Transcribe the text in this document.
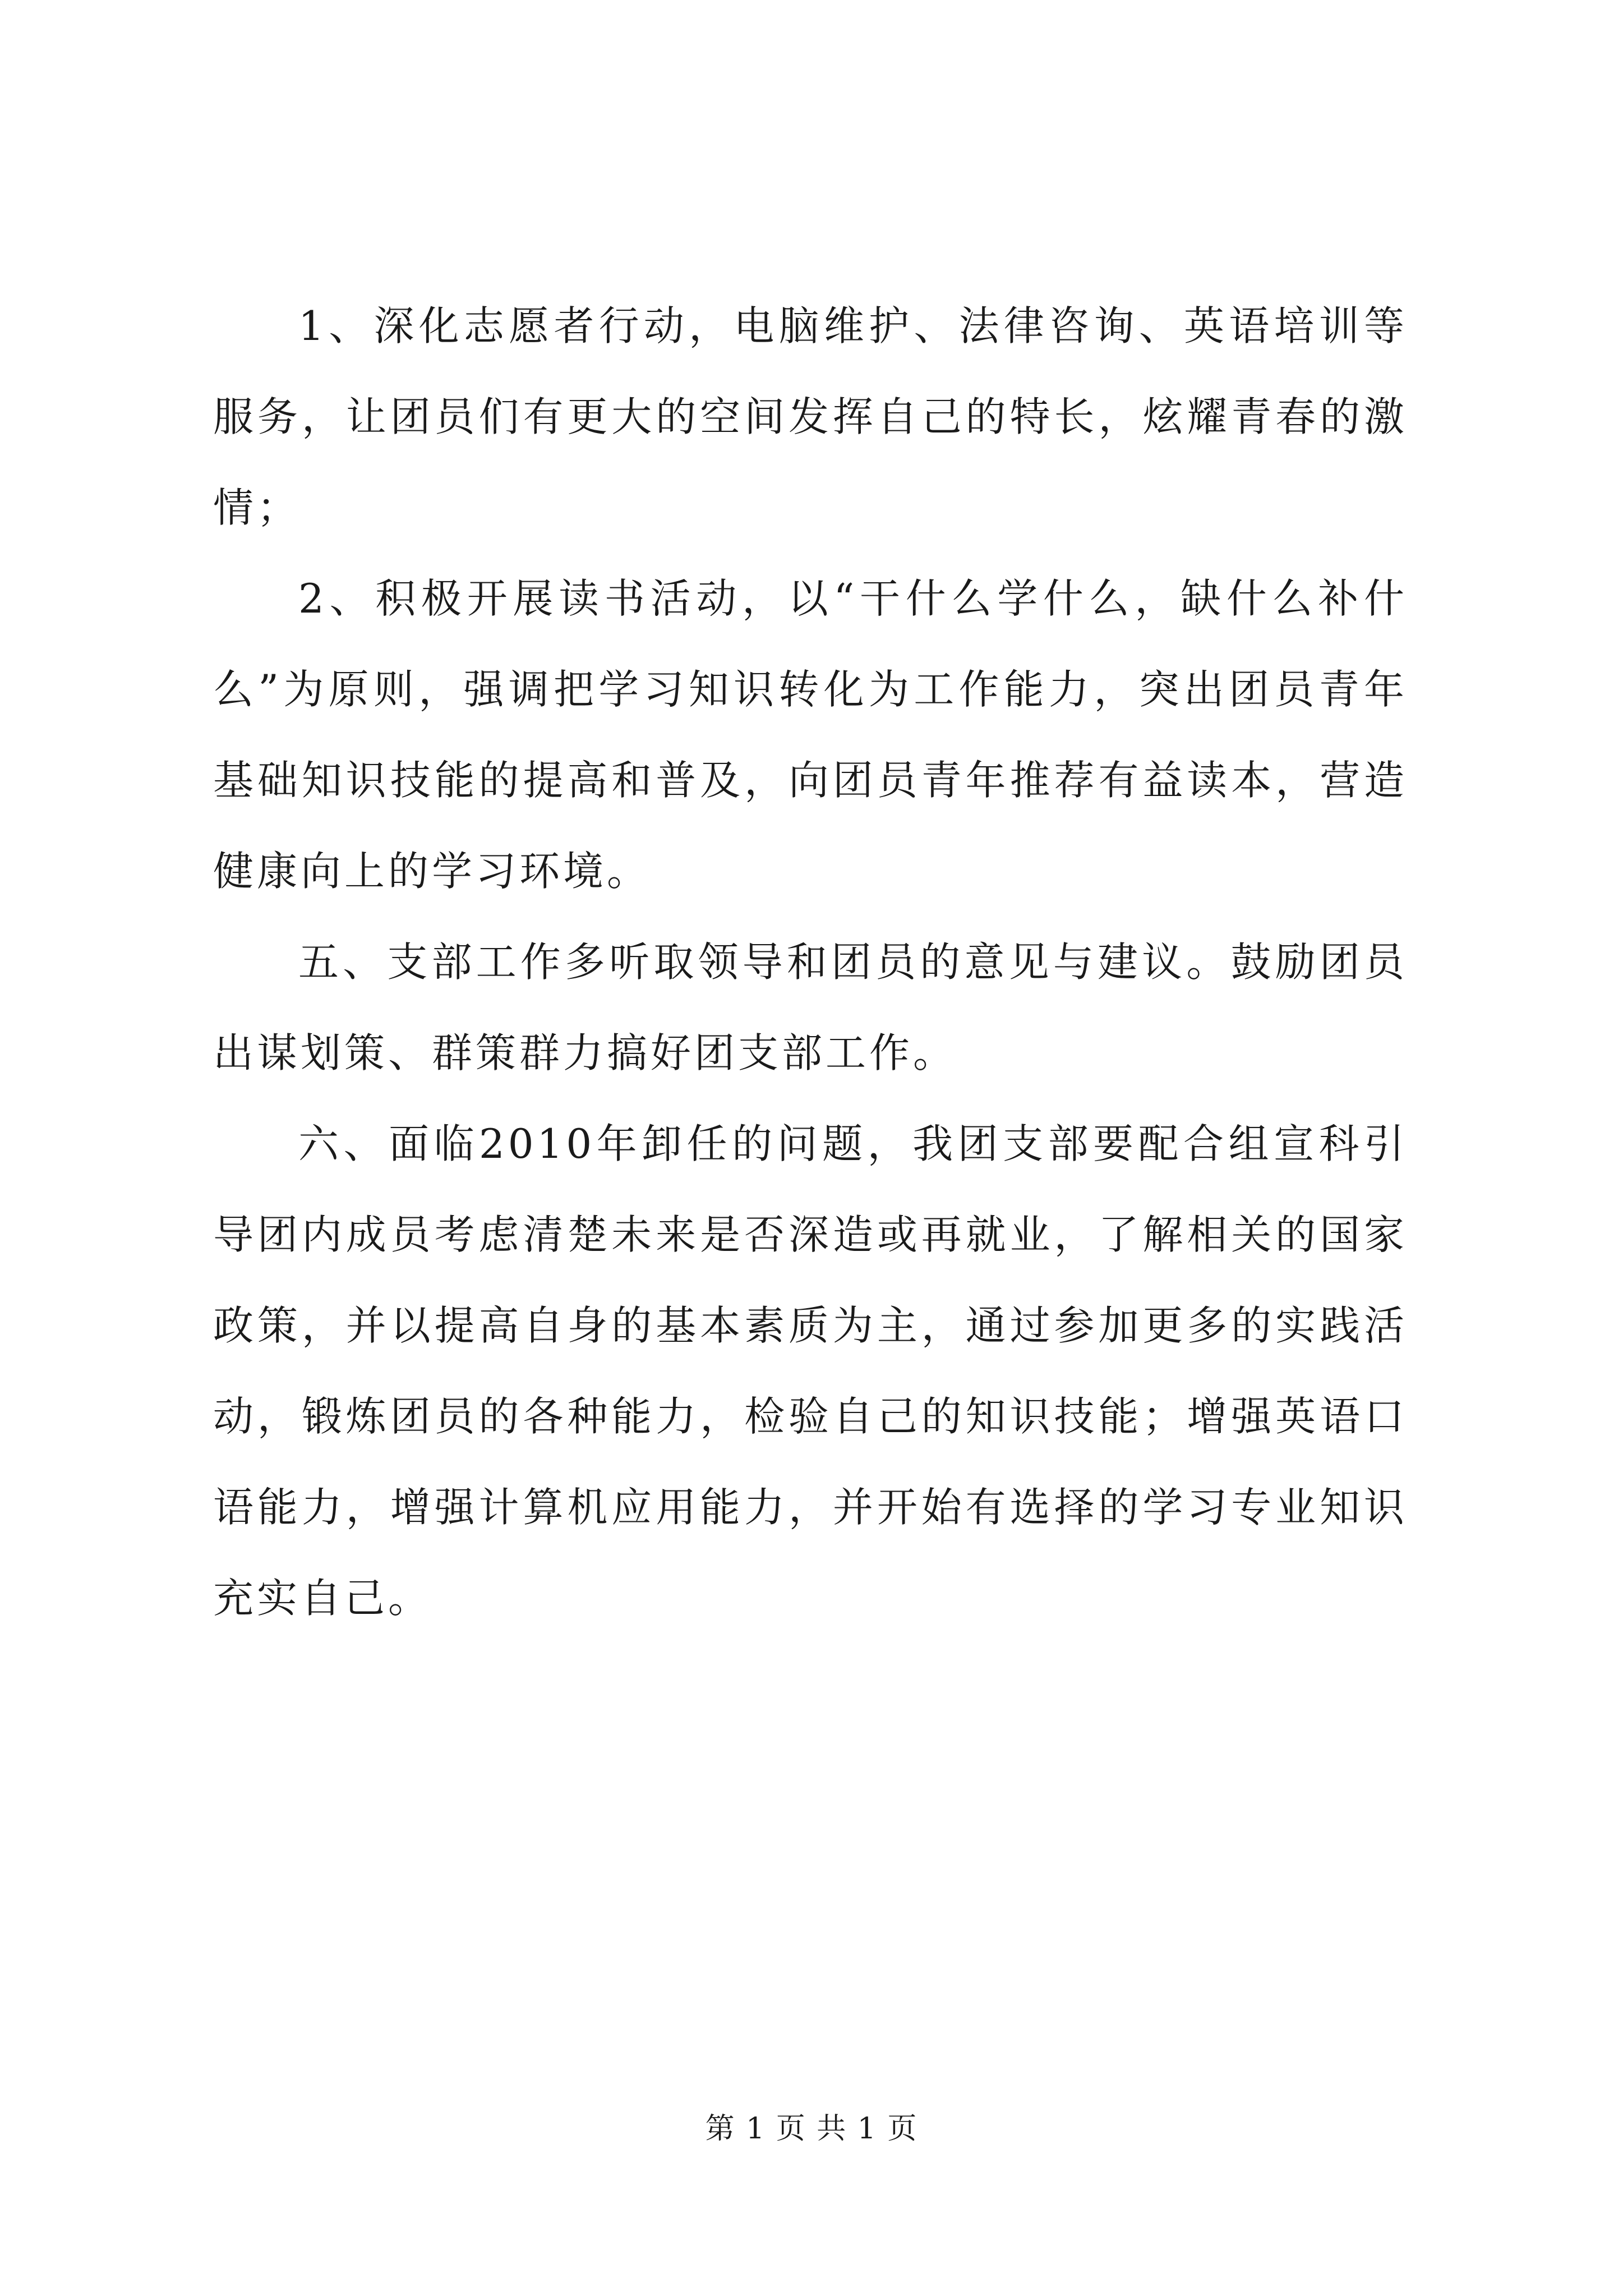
1、深化志愿者行动，电脑维护、法律咨询、英语培训等服务，让团员们有更大的空间发挥自己的特长，炫耀青春的激情；

2、积极开展读书活动，以“干什么学什么，缺什么补什么”为原则，强调把学习知识转化为工作能力，突出团员青年基础知识技能的提高和普及，向团员青年推荐有益读本，营造健康向上的学习环境。

五、支部工作多听取领导和团员的意见与建议。鼓励团员出谋划策、群策群力搞好团支部工作。

六、面临2010年卸任的问题，我团支部要配合组宣科引导团内成员考虑清楚未来是否深造或再就业，了解相关的国家政策，并以提高自身的基本素质为主，通过参加更多的实践活动，锻炼团员的各种能力，检验自己的知识技能；增强英语口语能力，增强计算机应用能力，并开始有选择的学习专业知识充实自己。

第 1 页 共 1 页
